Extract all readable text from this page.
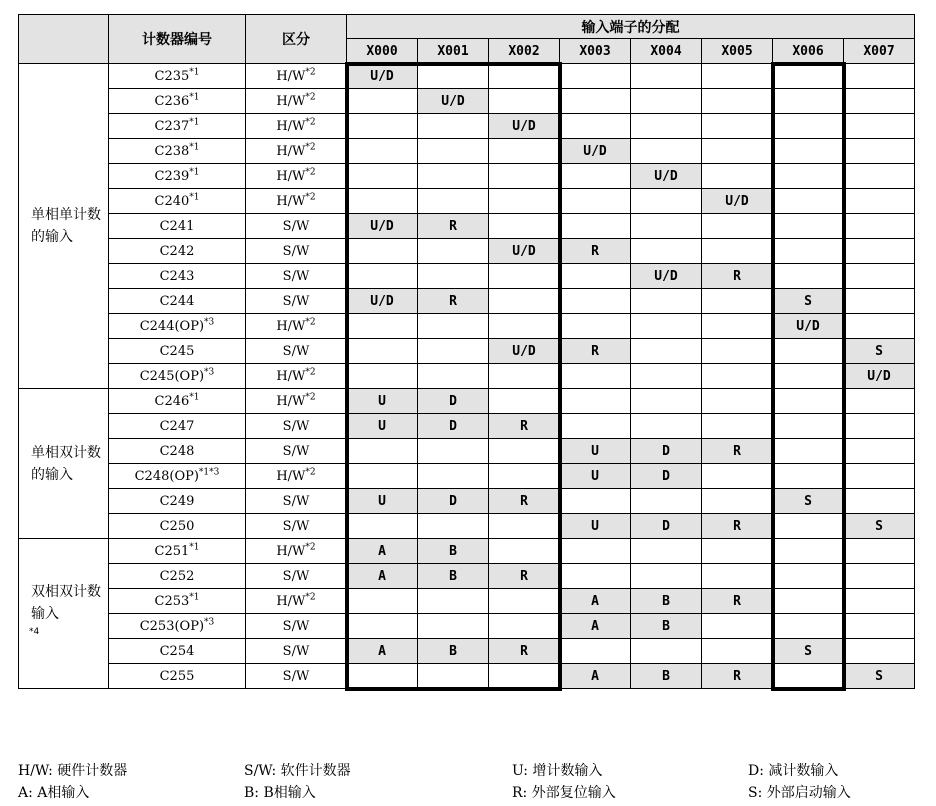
	计数器编号	区分	输入端子的分配							
			X000	X001	X002	X003	X004	X005	X006	X007
单相单计数的输入	C235$^{*1}$	$H/W^{*2}$	U/D							
	C236$^{*1}$	$H/W^{*2}$		U/D						
	C237$^{*1}$	$H/W^{*2}$			U/D					
	C238$^{*1}$	$H/W^{*2}$				U/D				
	C239$^{*1}$	$H/W^{*2}$					U/D			
	C240$^{*1}$	$H/W^{*2}$						U/D		
	C241	S/W	U/D	R						
	C242	S/W			U/D	R				
	C243	S/W					U/D	R		
	C244	S/W	U/D	R					S	
	C244(OP)$^{*3}$	$H/W^{*2}$							U/D	
	C245	S/W			U/D	R				S
	C245(OP)$^{*3}$	$H/W^{*2}$								U/D
单相双计数的输入	C246$^{*1}$	$H/W^{*2}$	U	D						
	C247	S/W	U	D	R					
	C248	S/W				U	D	R		
	C248(OP)$^{*1*3}$	$H/W^{*2}$				U	D			
	C249	S/W	U	D	R				S	
	C250	S/W				U	D	R		S
双相双计数输入$^{*4}$	C251$^{*1}$	$H/W^{*2}$	A	B						
	C252	S/W	A	B	R					
	C253$^{*1}$	$H/W^{*2}$				A	B	R		
	C253(OP)$^{*3}$	S/W				A	B			
	C254	S/W	A	B	R				S	
	C255	S/W				A	B	R		S
H/W: 硬件计数器	S/W: 软件计数器	U: 增计数输入	D: 减计数输入
A: A相输入	B: B相输入	R: 外部复位输入	S: 外部启动输入
